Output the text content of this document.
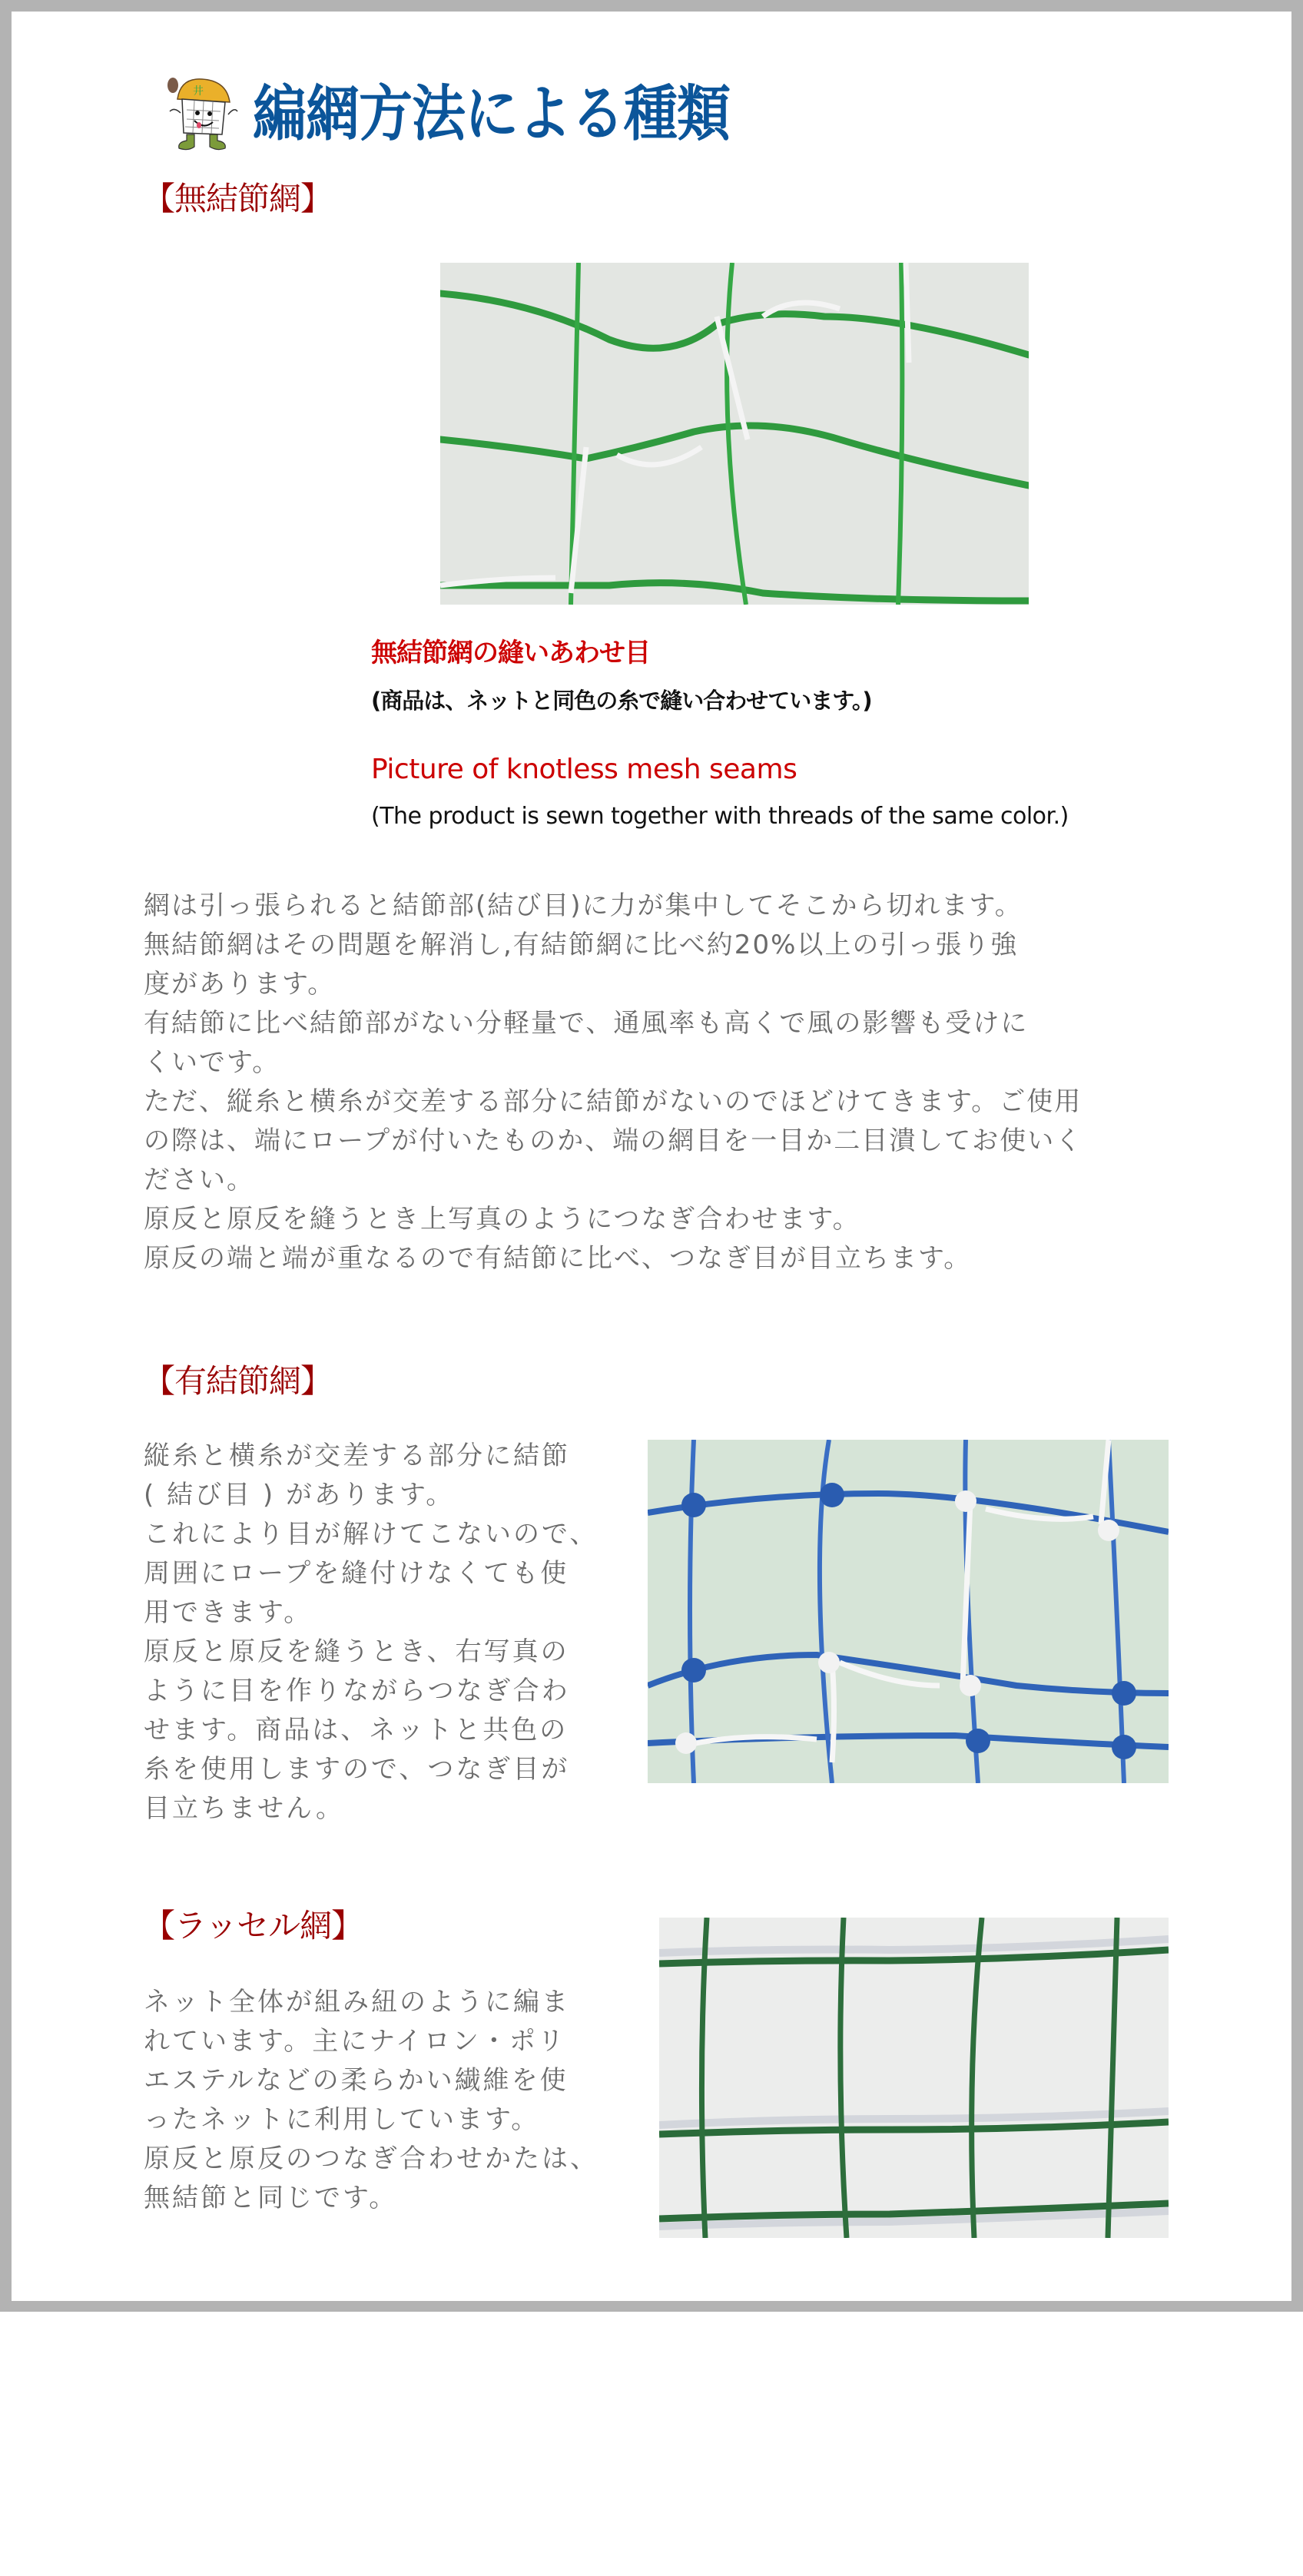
井 編網方法による種類
【無結節網】
無結節網の縫いあわせ目
(商品は、ネットと同色の糸で縫い合わせています。)
Picture of knotless mesh seams
(The product is sewn together with threads of the same color.)

網は引っ張られると結節部(結び目)に力が集中してそこから切れます。

無結節網はその問題を解消し,有結節網に比べ約20%以上の引っ張り強

度があります。

有結節に比べ結節部がない分軽量で、通風率も高くで風の影響も受けに

くいです。

ただ、縦糸と横糸が交差する部分に結節がないのでほどけてきます。ご使用

の際は、端にロープが付いたものか、端の網目を一目か二目潰してお使いく

ださい。

原反と原反を縫うとき上写真のようにつなぎ合わせます。

原反の端と端が重なるので有結節に比べ、つなぎ目が目立ちます。

【有結節網】

縦糸と横糸が交差する部分に結節

( 結び目 ) があります。

これにより目が解けてこないので、

周囲にロープを縫付けなくても使

用できます。

原反と原反を縫うとき、右写真の

ように目を作りながらつなぎ合わ

せます。商品は、ネットと共色の

糸を使用しますので、つなぎ目が

目立ちません。

【ラッセル網】

ネット全体が組み紐のように編ま

れています。主にナイロン・ポリ

エステルなどの柔らかい繊維を使

ったネットに利用しています。

原反と原反のつなぎ合わせかたは、

無結節と同じです。
